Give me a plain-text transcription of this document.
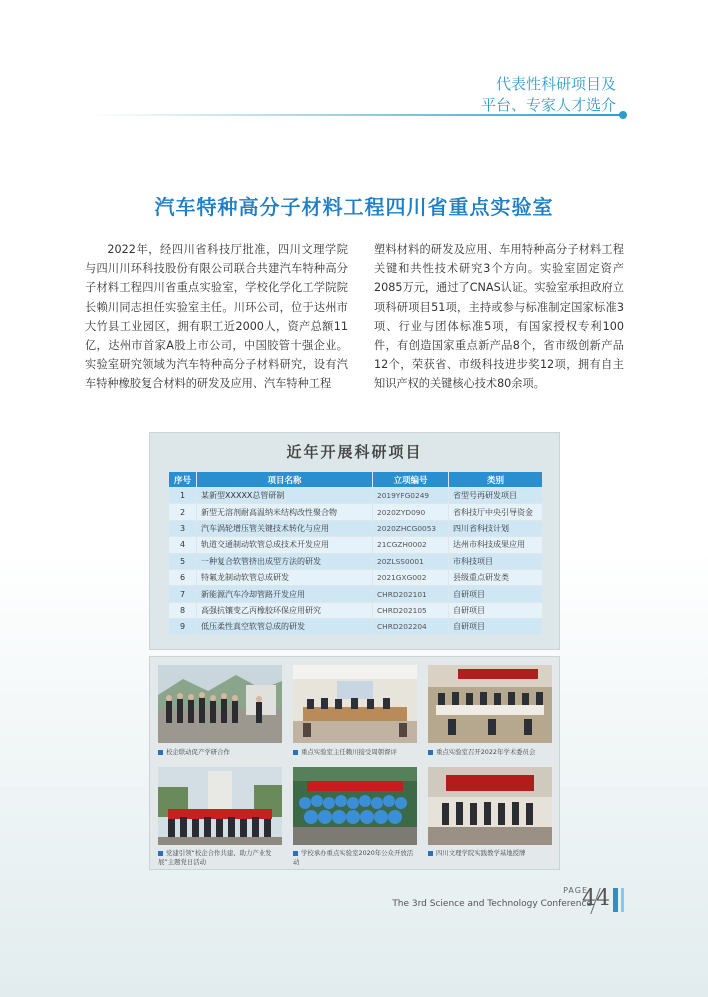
代表性科研项目及
平台、专家人才选介
汽车特种高分子材料工程四川省重点实验室

2022年，经四川省科技厅批准，四川文理学院与四川川环科技股份有限公司联合共建汽车特种高分子材料工程四川省重点实验室，学校化学化工学院院长赖川同志担任实验室主任。川环公司，位于达州市大竹县工业园区，拥有职工近2000人，资产总额11亿，达州市首家A股上市公司，中国胶管十强企业。实验室研究领域为汽车特种高分子材料研究，设有汽车特种橡胶复合材料的研发及应用、汽车特种工程

塑料材料的研发及应用、车用特种高分子材料工程关键和共性技术研究3个方向。实验室固定资产2085万元，通过了CNAS认证。实验室承担政府立项科研项目51项，主持或参与标准制定国家标准3项、行业与团体标准5项，有国家授权专利100件，有创造国家重点新产品8个，省市级创新产品12个，荣获省、市级科技进步奖12项，拥有自主知识产权的关键核心技术80余项。

近年开展科研项目
序号	项目名称	立项编号	类别
1	某新型XXXXX总管研制	2019YFG0249	省型号再研发项目
2	新型无溶剂耐高温纳米结构改性聚合物	2020ZYD090	省科技厅中央引导资金
3	汽车涡轮增压管关键技术转化与应用	2020ZHCG0053	四川省科技计划
4	轨道交通制动软管总成技术开发应用	21CGZH0002	达州市科技成果应用
5	一种复合软管挤出成型方法的研发	20ZLSS0001	市科技项目
6	特氟龙制动软管总成研发	2021GXG002	县级重点研发类
7	新能源汽车冷却管路开发应用	CHRD202101	自研项目
8	高强抗镶变乙丙橡胶环保应用研究	CHRD202105	自研项目
9	低压柔性真空软管总成的研发	CHRD202204	自研项目
校企联动促产学研合作	重点实验室主任赖川接受周朝督评	重点实验室召开2022年学术委员会
党建引领“校企合作共建、助力产业发展”主题党日活动
学校承办重点实验室2020年公众开放活动
四川文理学院实践教学基地授牌
PAGE
The 3rd Science and Technology Conference
44
